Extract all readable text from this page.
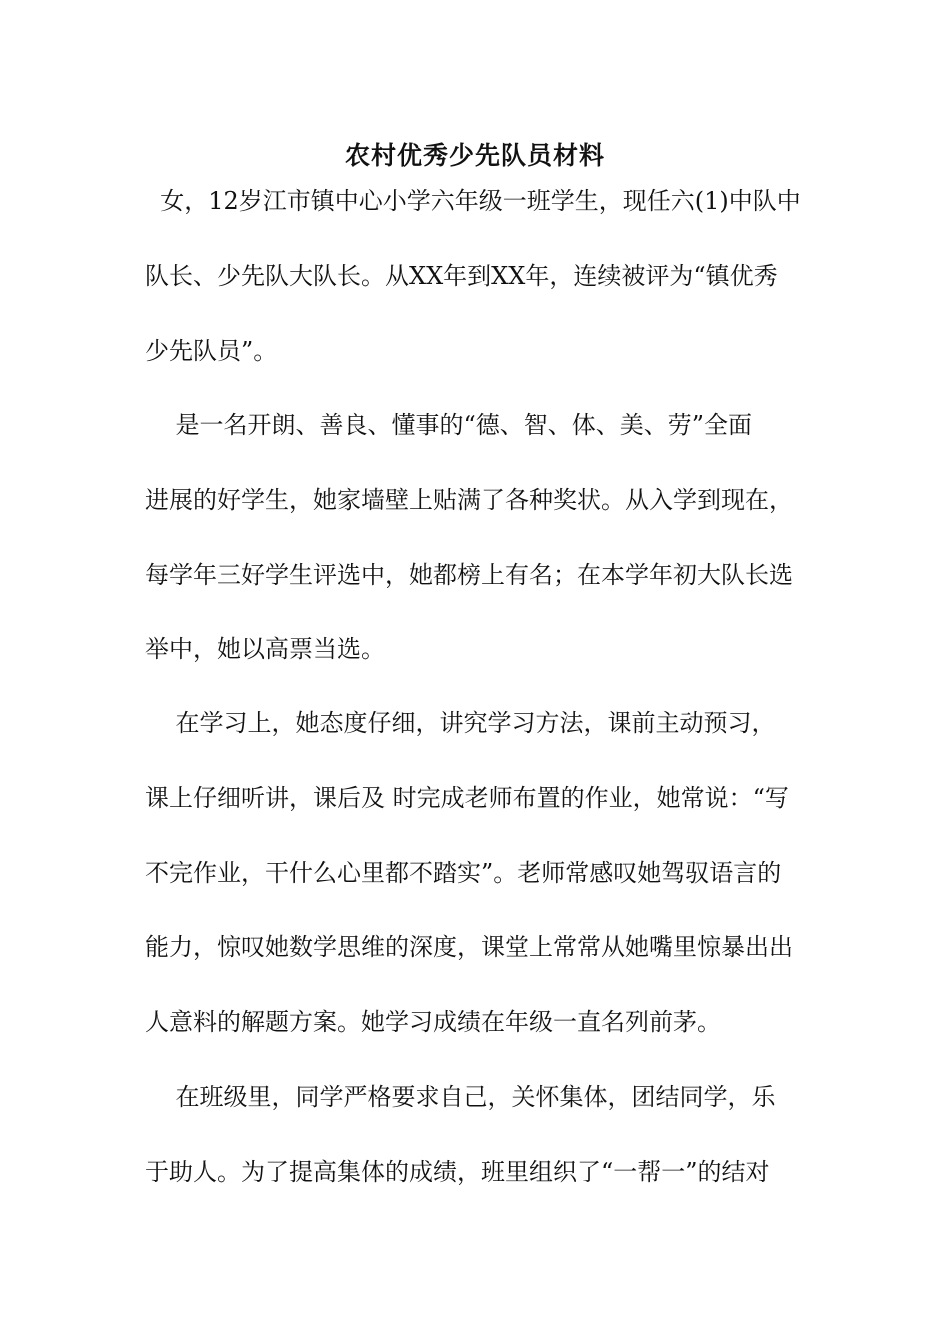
农村优秀少先队员材料

女，12岁江市镇中心小学六年级一班学生，现任六(1)中队中

队长、少先队大队长。从XX年到XX年，连续被评为“镇优秀

少先队员”。

是一名开朗、善良、懂事的“德、智、体、美、劳”全面

进展的好学生，她家墙壁上贴满了各种奖状。从入学到现在，

每学年三好学生评选中，她都榜上有名；在本学年初大队长选

举中，她以高票当选。

在学习上，她态度仔细，讲究学习方法，课前主动预习，

课上仔细听讲，课后及 时完成老师布置的作业，她常说：“写

不完作业，干什么心里都不踏实”。老师常感叹她驾驭语言的

能力，惊叹她数学思维的深度，课堂上常常从她嘴里惊暴出出

人意料的解题方案。她学习成绩在年级一直名列前茅。

在班级里，同学严格要求自己，关怀集体，团结同学，乐

于助人。为了提高集体的成绩，班里组织了“一帮一”的结对
